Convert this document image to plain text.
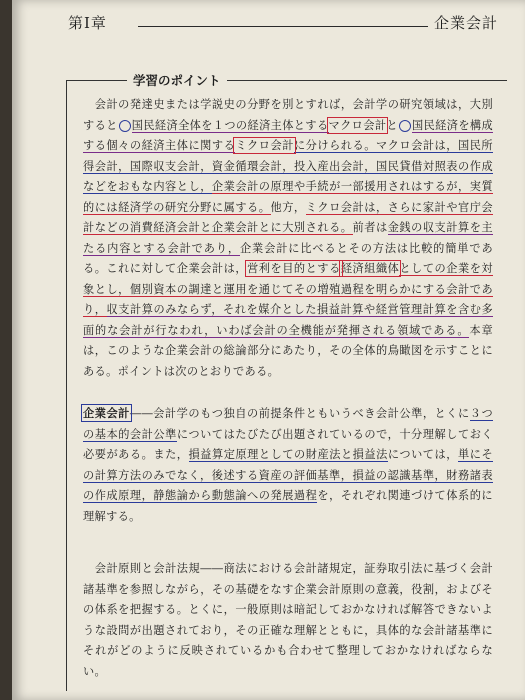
第Ⅰ章	企業会計
学習のポイント
　会計の発達史または学説史の分野を別とすれば，会計学の研究領域は，大別すると○国民経済全体を１つの経済主体とするマクロ会計と○国民経済を構成する個々の経済主体に関するミクロ会計に分けられる。マクロ会計は，国民所得会計，国際収支会計，資金循環会計，投入産出会計，国民貸借対照表の作成などをおもな内容とし，企業会計の原理や手続が一部援用されはするが，実質的には経済学の研究分野に属する。他方，ミクロ会計は，さらに家計や官庁会計などの消費経済会計と企業会計とに大別される。前者は金銭の収支計算を主たる内容とする会計であり，企業会計に比べるとその方法は比較的簡単である。これに対して企業会計は，営利を目的とする経済組織体としての企業を対象とし，個別資本の調達と運用を通じてその増殖過程を明らかにする会計であり，収支計算のみならず，それを媒介とした損益計算や経営管理計算を含む多面的な会計が行なわれ，いわば会計の全機能が発揮される領域である。本章は，このような企業会計の総論部分にあたり，その全体的鳥瞰図を示すことにある。ポイントは次のとおりである。
企業会計――会計学のもつ独自の前提条件ともいうべき会計公準，とくに３つの基本的会計公準についてはたびたび出題されているので，十分理解しておく必要がある。また，損益算定原理としての財産法と損益法については，単にその計算方法のみでなく，後述する資産の評価基準，損益の認識基準，財務諸表の作成原理，静態論から動態論への発展過程を，それぞれ関連づけて体系的に理解する。
　会計原則と会計法規――商法における会計諸規定，証券取引法に基づく会計諸基準を参照しながら，その基礎をなす企業会計原則の意義，役割，およびその体系を把握する。とくに，一般原則は暗記しておかなければ解答できないような設問が出題されており，その正確な理解とともに，具体的な会計諸基準にそれがどのように反映されているかも合わせて整理しておかなければならない。
